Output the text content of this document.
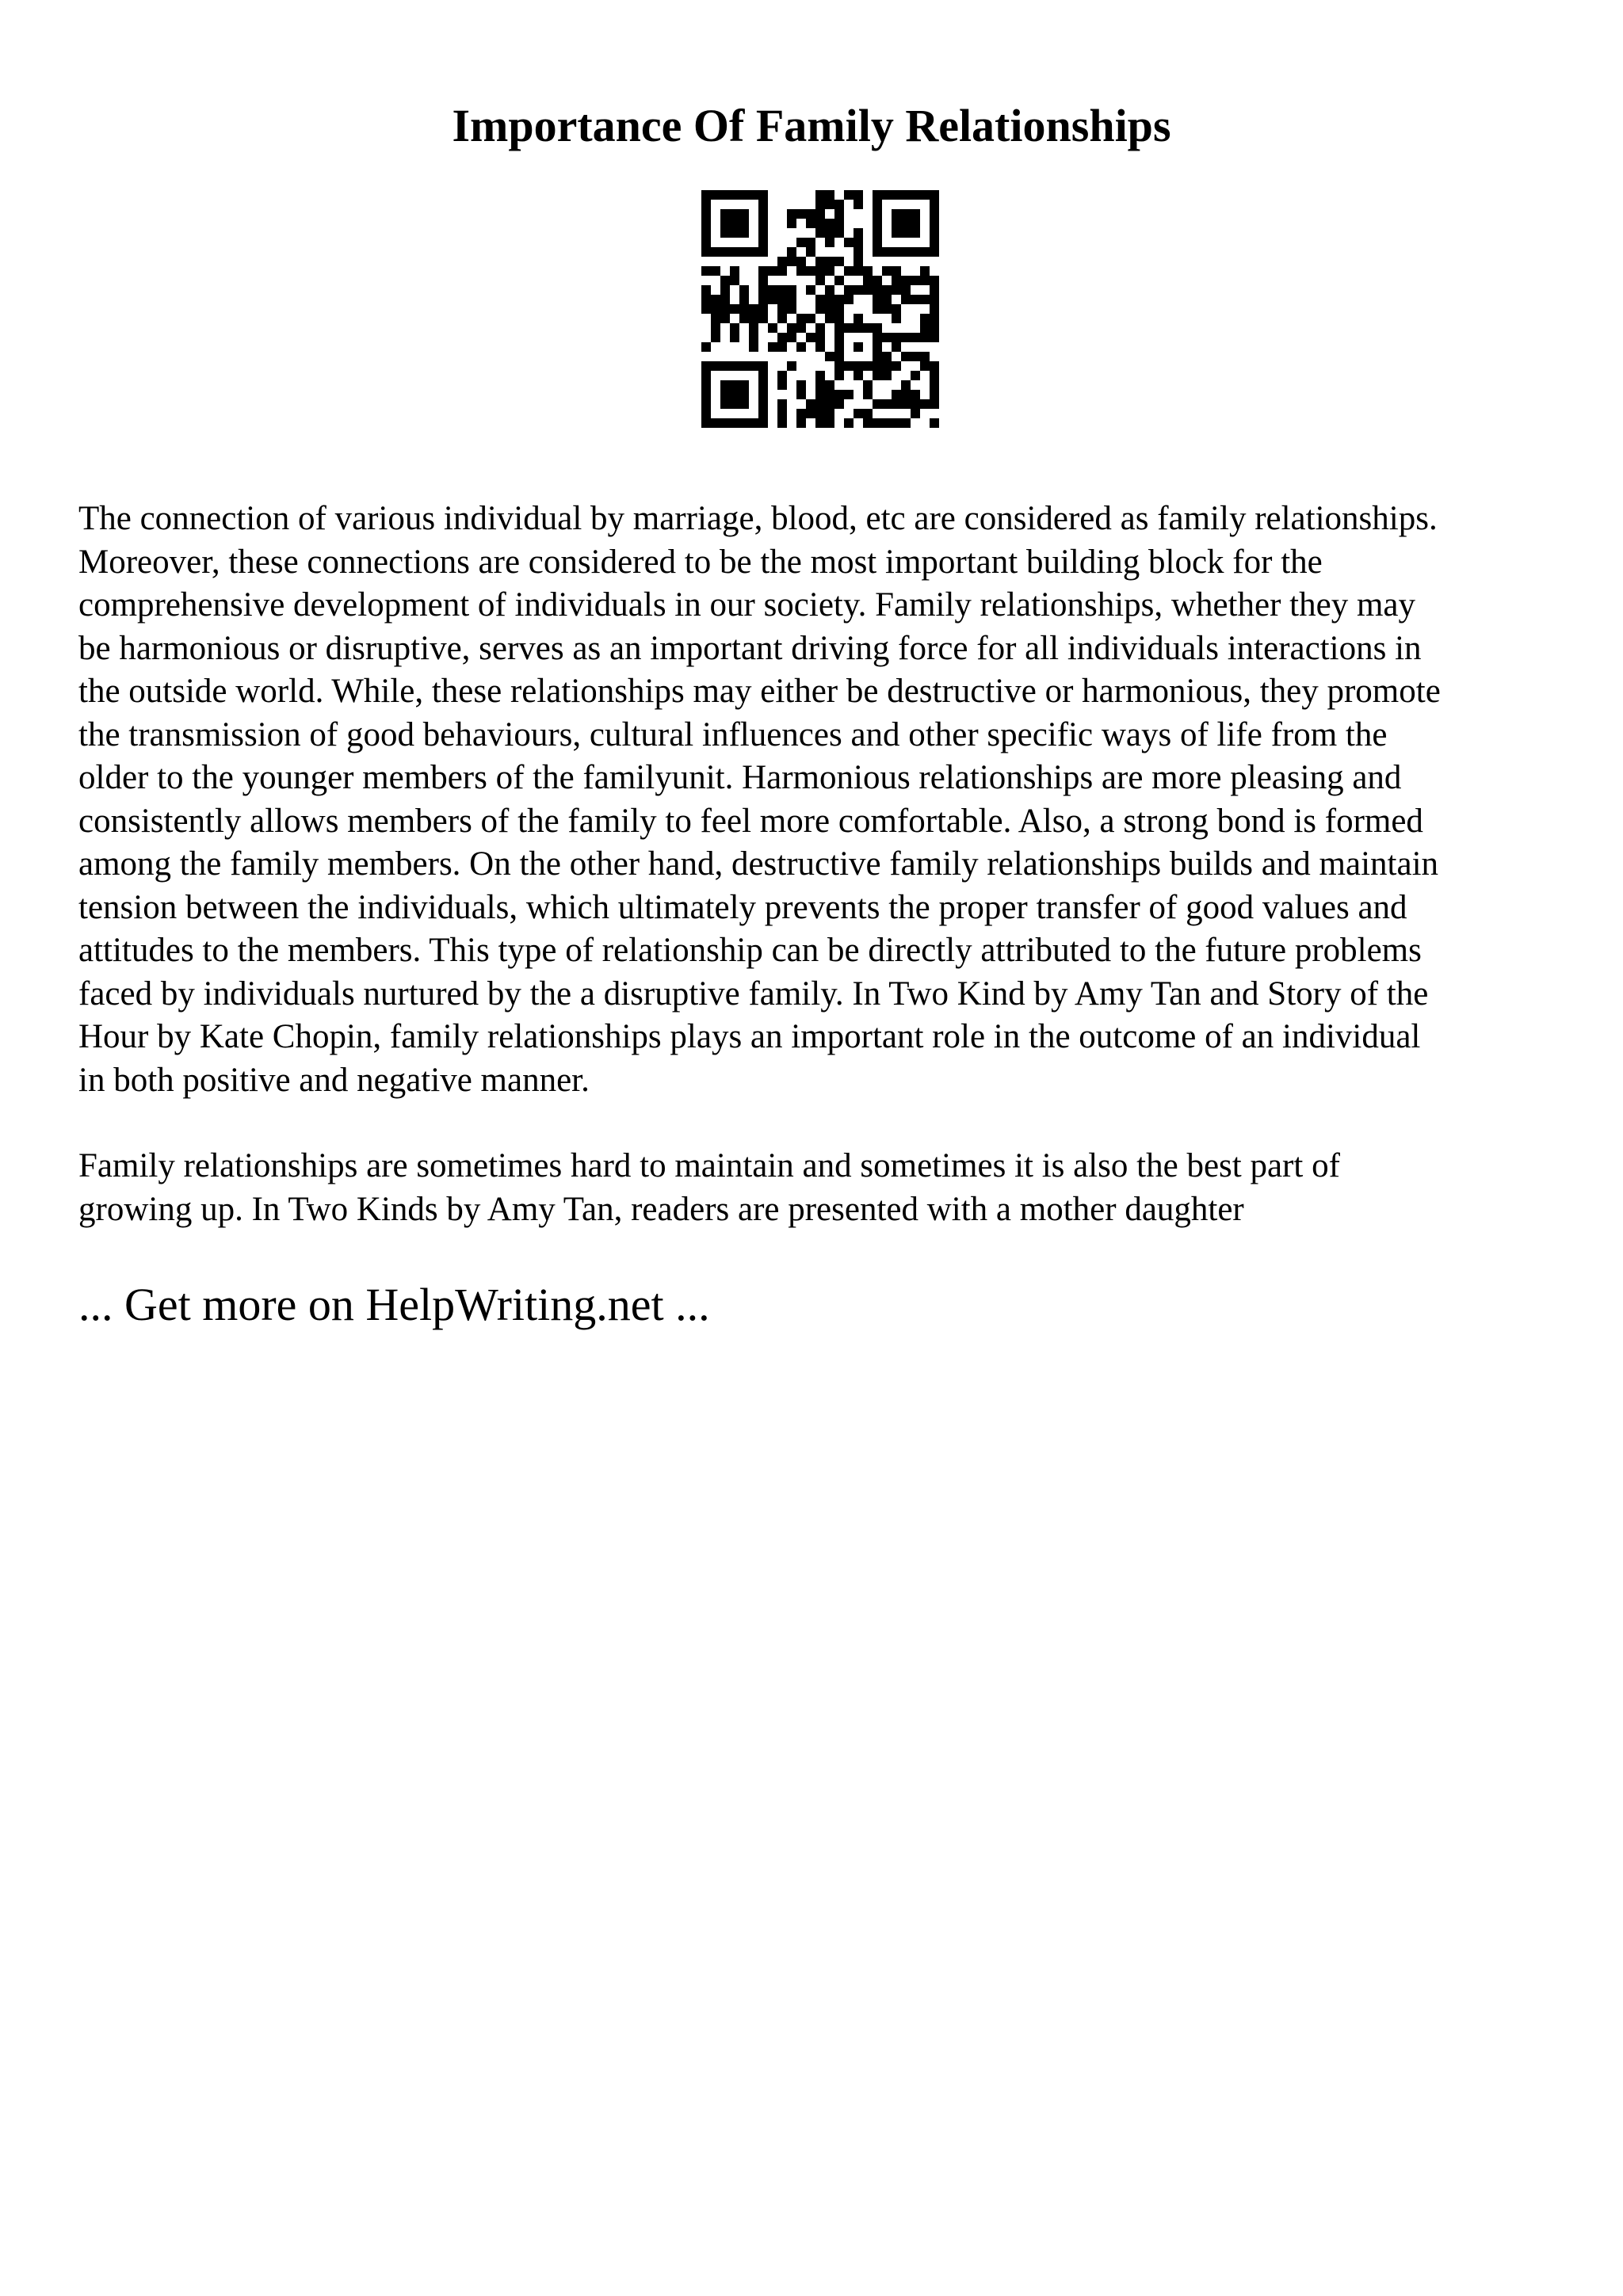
Importance Of Family Relationships

The connection of various individual by marriage, blood, etc are considered as family relationships.
Moreover, these connections are considered to be the most important building block for the
comprehensive development of individuals in our society. Family relationships, whether they may
be harmonious or disruptive, serves as an important driving force for all individuals interactions in
the outside world. While, these relationships may either be destructive or harmonious, they promote
the transmission of good behaviours, cultural influences and other specific ways of life from the
older to the younger members of the familyunit. Harmonious relationships are more pleasing and
consistently allows members of the family to feel more comfortable. Also, a strong bond is formed
among the family members. On the other hand, destructive family relationships builds and maintain
tension between the individuals, which ultimately prevents the proper transfer of good values and
attitudes to the members. This type of relationship can be directly attributed to the future problems
faced by individuals nurtured by the a disruptive family. In Two Kind by Amy Tan and Story of the
Hour by Kate Chopin, family relationships plays an important role in the outcome of an individual
in both positive and negative manner.

Family relationships are sometimes hard to maintain and sometimes it is also the best part of
growing up. In Two Kinds by Amy Tan, readers are presented with a mother daughter

... Get more on HelpWriting.net ...
